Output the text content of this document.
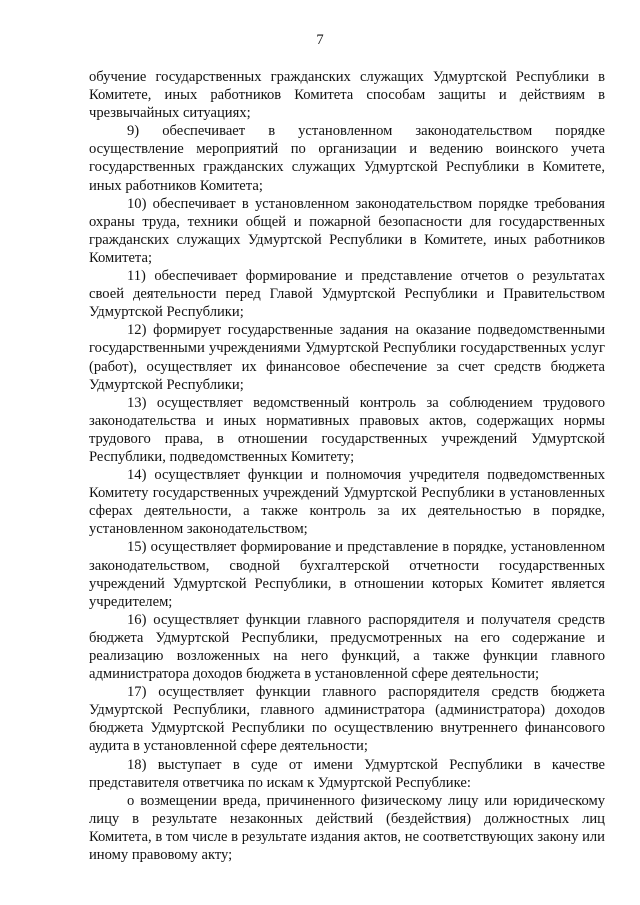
7

обучение государственных гражданских служащих Удмуртской Республики в Комитете, иных работников Комитета способам защиты и действиям в чрезвычайных ситуациях;

9) обеспечивает в установленном законодательством порядке осуществление мероприятий по организации и ведению воинского учета государственных гражданских служащих Удмуртской Республики в Комитете, иных работников Комитета;

10) обеспечивает в установленном законодательством порядке требования охраны труда, техники общей и пожарной безопасности для государственных гражданских служащих Удмуртской Республики в Комитете, иных работников Комитета;

11) обеспечивает формирование и представление отчетов о результатах своей деятельности перед Главой Удмуртской Республики и Правительством Удмуртской Республики;

12) формирует государственные задания на оказание подведомственными государственными учреждениями Удмуртской Республики государственных услуг (работ), осуществляет их финансовое обеспечение за счет средств бюджета Удмуртской Республики;

13) осуществляет ведомственный контроль за соблюдением трудового законодательства и иных нормативных правовых актов, содержащих нормы трудового права, в отношении государственных учреждений Удмуртской Республики, подведомственных Комитету;

14) осуществляет функции и полномочия учредителя подведомственных Комитету государственных учреждений Удмуртской Республики в установленных сферах деятельности, а также контроль за их деятельностью в порядке, установленном законодательством;

15) осуществляет формирование и представление в порядке, установленном законодательством, сводной бухгалтерской отчетности государственных учреждений Удмуртской Республики, в отношении которых Комитет является учредителем;

16) осуществляет функции главного распорядителя и получателя средств бюджета Удмуртской Республики, предусмотренных на его содержание и реализацию возложенных на него функций, а также функции главного администратора доходов бюджета в установленной сфере деятельности;

17) осуществляет функции главного распорядителя средств бюджета Удмуртской Республики, главного администратора (администратора) доходов бюджета Удмуртской Республики по осуществлению внутреннего финансового аудита в установленной сфере деятельности;

18) выступает в суде от имени Удмуртской Республики в качестве представителя ответчика по искам к Удмуртской Республике:

о возмещении вреда, причиненного физическому лицу или юридическому лицу в результате незаконных действий (бездействия) должностных лиц Комитета, в том числе в результате издания актов, не соответствующих закону или иному правовому акту;
